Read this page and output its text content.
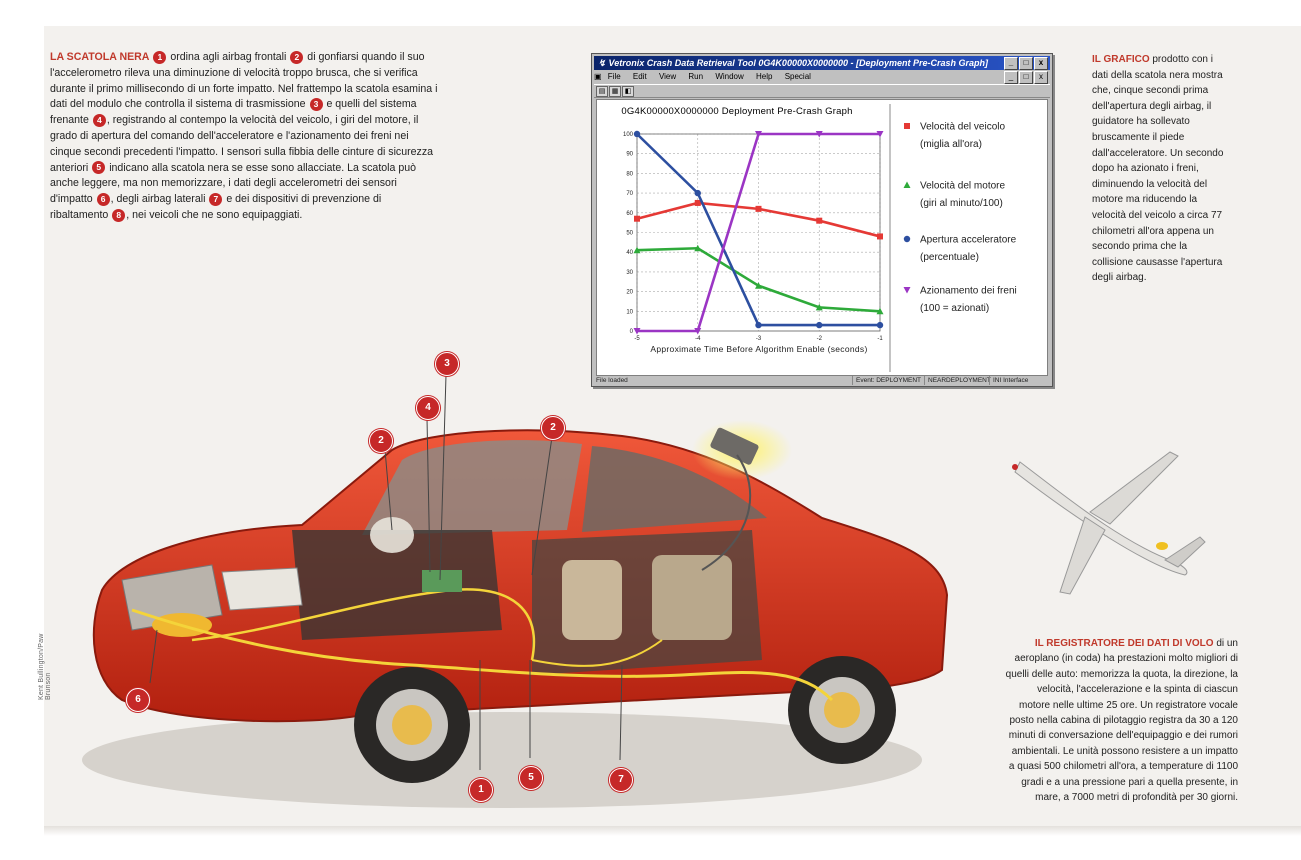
Kent Bullington/Paw Brunson
LA SCATOLA NERA 1 ordina agli airbag frontali 2 di gonfiarsi quando il suo l'accelerometro rileva una diminuzione di velocità troppo brusca, che si verifica durante il primo millisecondo di un forte impatto. Nel frattempo la scatola esamina i dati del modulo che controlla il sistema di trasmissione 3 e quelli del sistema frenante 4 , registrando al contempo la velocità del veicolo, i giri del motore, il grado di apertura del comando dell'acceleratore e l'azionamento dei freni nei cinque secondi precedenti l'impatto. I sensori sulla fibbia delle cinture di sicurezza anteriori 5 indicano alla scatola nera se esse sono allacciate. La scatola può anche leggere, ma non memorizzare, i dati degli accelerometri dei sensori d'impatto 6 , degli airbag laterali 7 e dei dispositivi di prevenzione di ribaltamento 8 , nei veicoli che ne sono equipaggiati.
IL GRAFICO prodotto con i dati della scatola nera mostra che, cinque secondi prima dell'apertura degli airbag, il guidatore ha sollevato bruscamente il piede dall'acceleratore. Un secondo dopo ha azionato i freni, diminuendo la velocità del motore ma riducendo la velocità del veicolo a circa 77 chilometri all'ora appena un secondo prima che la collisione causasse l'apertura degli airbag.
↯ Vetronix Crash Data Retrieval Tool 0G4K00000X0000000 - [Deployment Pre-Crash Graph]	_	□	x
▣ File Edit View Run Window Help Special	_	□	x
▤ ▦ ◧
0G4K00000X0000000 Deployment Pre-Crash Graph
0
10
20
30
40
50
60
70
80
90
100
-5	-4	-3	-2	-1
Approximate Time Before Algorithm Enable (seconds)
Velocità del veicolo
(miglia all'ora)
Velocità del motore
(giri al minuto/100)
Apertura acceleratore
(percentuale)
Azionamento dei freni
(100 = azionati)
File loaded	Event: DEPLOYMENT	NEARDEPLOYMENT INI Interface
2
3
4
2
6
1
5	7
IL REGISTRATORE DEI DATI DI VOLO di un aeroplano (in coda) ha prestazioni molto migliori di quelli delle auto: memorizza la quota, la direzione, la velocità, l'accelerazione e la spinta di ciascun motore nelle ultime 25 ore. Un registratore vocale posto nella cabina di pilotaggio registra da 30 a 120 minuti di conversazione dell'equipaggio e dei rumori ambientali. Le unità possono resistere a un impatto a quasi 500 chilometri all'ora, a temperature di 1100 gradi e a una pressione pari a quella presente, in mare, a 7000 metri di profondità per 30 giorni.
